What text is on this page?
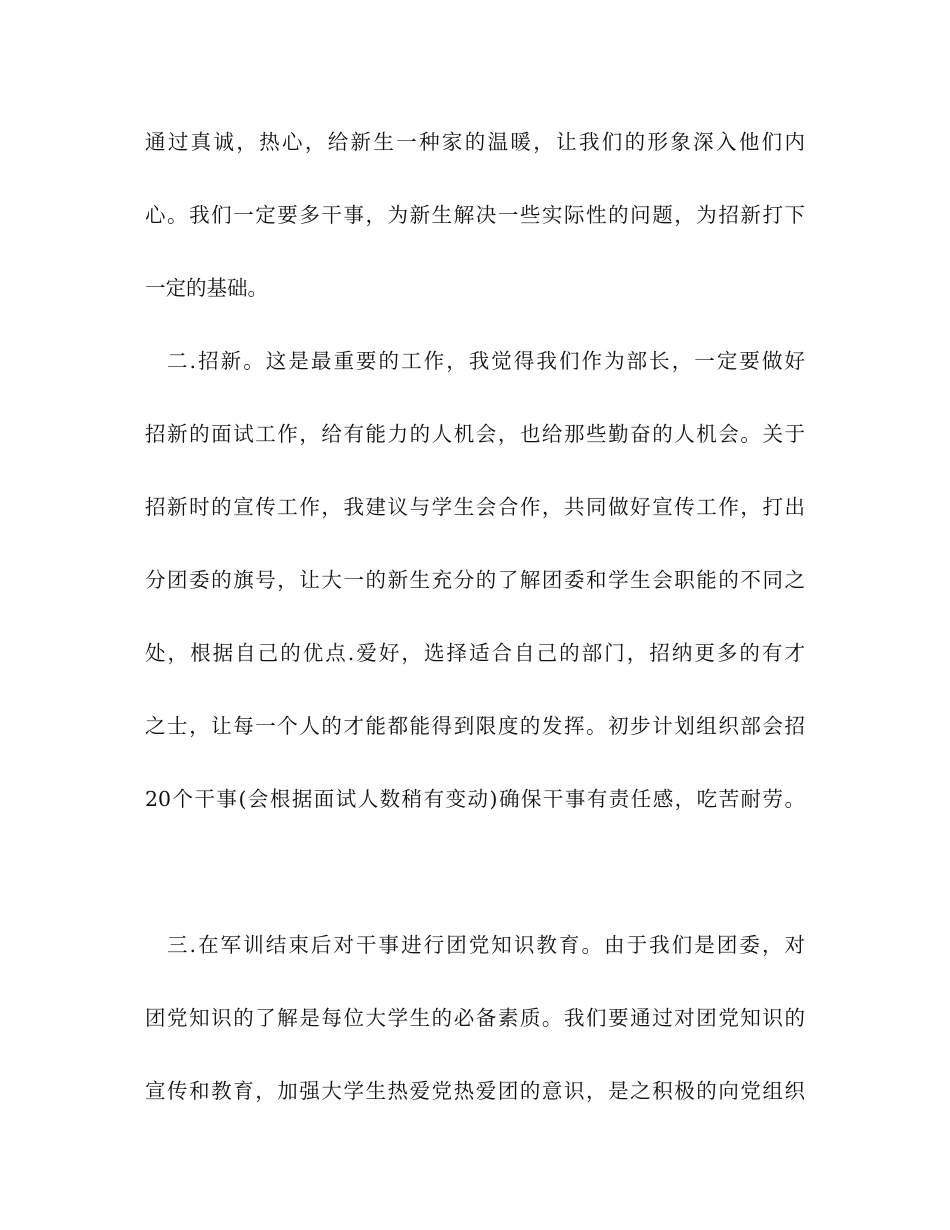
通过真诚，热心，给新生一种家的温暖，让我们的形象深入他们内
心。我们一定要多干事，为新生解决一些实际性的问题，为招新打下
一定的基础。
二.招新。这是最重要的工作，我觉得我们作为部长，一定要做好
招新的面试工作，给有能力的人机会，也给那些勤奋的人机会。关于
招新时的宣传工作，我建议与学生会合作，共同做好宣传工作，打出
分团委的旗号，让大一的新生充分的了解团委和学生会职能的不同之
处，根据自己的优点.爱好，选择适合自己的部门，招纳更多的有才
之士，让每一个人的才能都能得到限度的发挥。初步计划组织部会招
20个干事(会根据面试人数稍有变动)确保干事有责任感，吃苦耐劳。
三.在军训结束后对干事进行团党知识教育。由于我们是团委，对
团党知识的了解是每位大学生的必备素质。我们要通过对团党知识的
宣传和教育，加强大学生热爱党热爱团的意识，是之积极的向党组织
